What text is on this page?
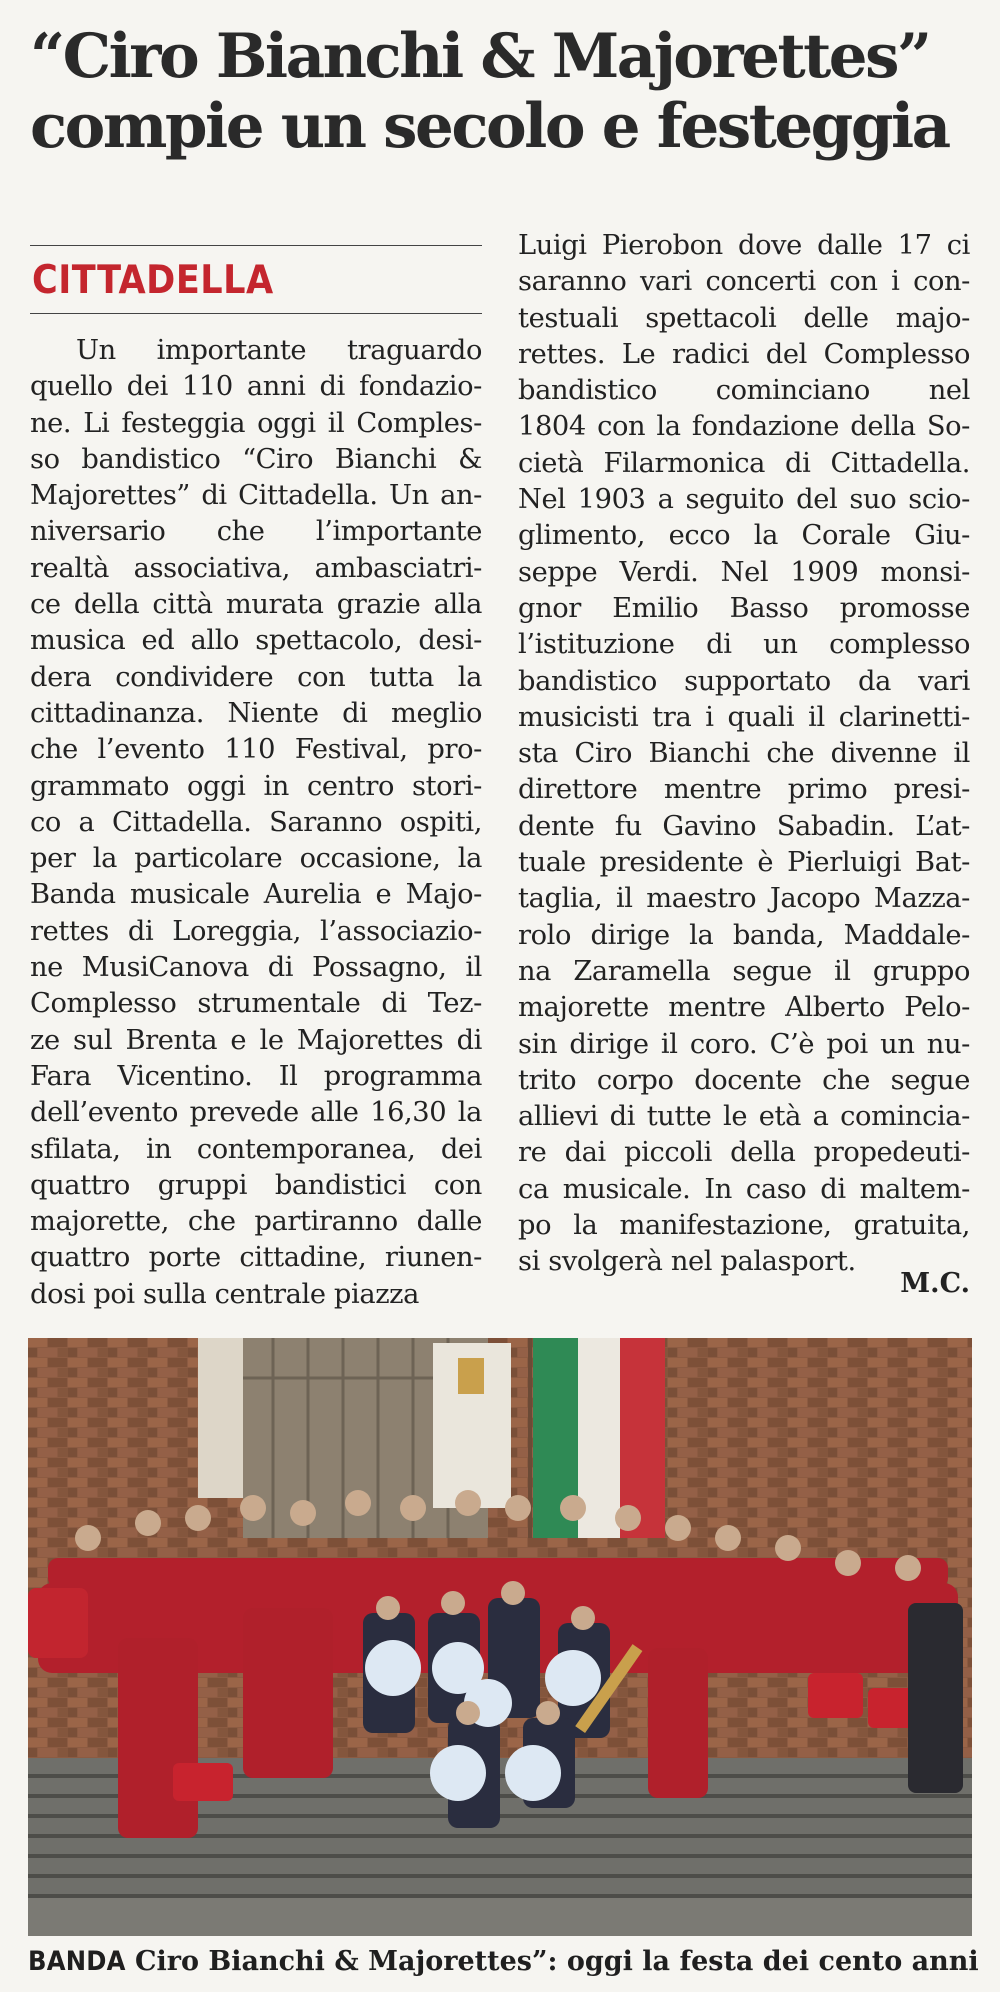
“Ciro Bianchi & Majorettes”
compie un secolo e festeggia
CITTADELLA
Un importante traguardo
quello dei 110 anni di fondazio-
ne. Li festeggia oggi il Comples-
so bandistico “Ciro Bianchi &
Majorettes” di Cittadella. Un an-
niversario che l’importante
realtà associativa, ambasciatri-
ce della città murata grazie alla
musica ed allo spettacolo, desi-
dera condividere con tutta la
cittadinanza. Niente di meglio
che l’evento 110 Festival, pro-
grammato oggi in centro stori-
co a Cittadella. Saranno ospiti,
per la particolare occasione, la
Banda musicale Aurelia e Majo-
rettes di Loreggia, l’associazio-
ne MusiCanova di Possagno, il
Complesso strumentale di Tez-
ze sul Brenta e le Majorettes di
Fara Vicentino. Il programma
dell’evento prevede alle 16,30 la
sfilata, in contemporanea, dei
quattro gruppi bandistici con
majorette, che partiranno dalle
quattro porte cittadine, riunen-
dosi poi sulla centrale piazza
Luigi Pierobon dove dalle 17 ci
saranno vari concerti con i con-
testuali spettacoli delle majo-
rettes. Le radici del Complesso
bandistico cominciano nel
1804 con la fondazione della So-
cietà Filarmonica di Cittadella.
Nel 1903 a seguito del suo scio-
glimento, ecco la Corale Giu-
seppe Verdi. Nel 1909 monsi-
gnor Emilio Basso promosse
l’istituzione di un complesso
bandistico supportato da vari
musicisti tra i quali il clarinetti-
sta Ciro Bianchi che divenne il
direttore mentre primo presi-
dente fu Gavino Sabadin. L’at-
tuale presidente è Pierluigi Bat-
taglia, il maestro Jacopo Mazza-
rolo dirige la banda, Maddale-
na Zaramella segue il gruppo
majorette mentre Alberto Pelo-
sin dirige il coro. C’è poi un nu-
trito corpo docente che segue
allievi di tutte le età a comincia-
re dai piccoli della propedeuti-
ca musicale. In caso di maltem-
po la manifestazione, gratuita,
si svolgerà nel palasport.
M.C.
BANDA Ciro Bianchi & Majorettes”: oggi la festa dei cento anni
